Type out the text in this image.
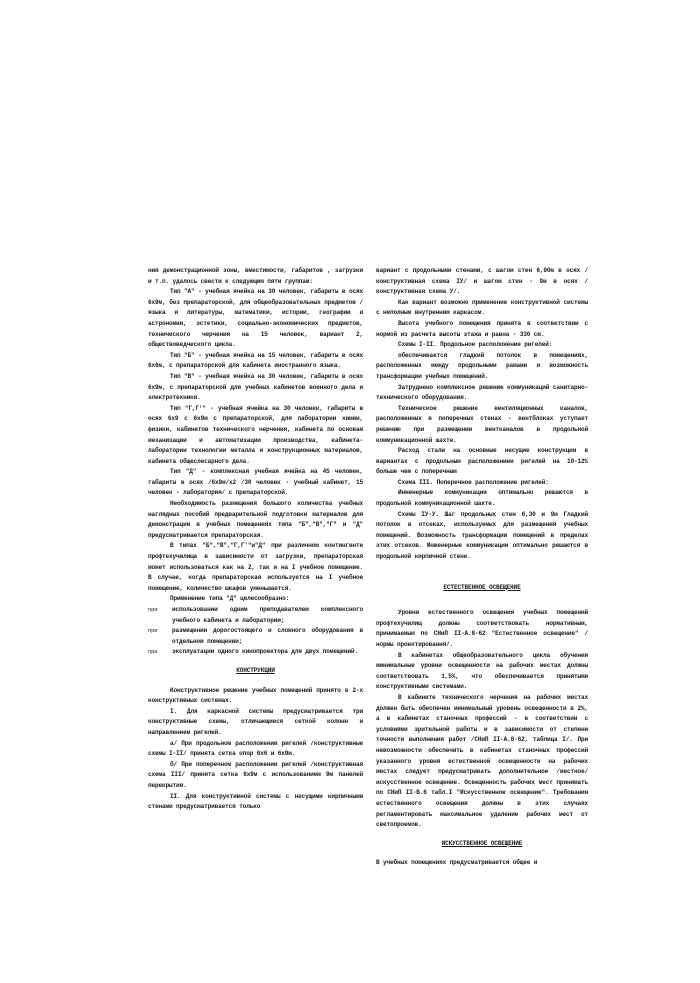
ния демонстрационной зоны, вместимости, габаритов , загрузки и т.п. удалось свести к следующим пяти группам:

Тип "А" - учебная ячейка на 30 человек, габариты в осях 6х9м, без препараторской, для общеобразовательных предметов /языка и литературы, математики, истории, географии и астрономии, эстетики, социально-экономических предметов, технического черчения на 15 человек, вариант 2, обществоведческого цикла.

Тип "Б" - учебная ячейка на 15 человек, габариты в осях 6х6м, с препараторской для кабинета иностранного языка.

Тип "В" - учебная ячейка на 30 человек, габариты в осях 6х9м, с препараторской для учебных кабинетов военного дела и электротехники.

Тип "Г,Г'" - учебная ячейка на 30 человек, габариты в осях 6х9 с 6х9м с препараторской, для лаборатории химии, физики, кабинетов технического черчения, кабинета по основам механизации и автоматизации производства, кабинета-лаборатории технологии металла и конструкционных материалов, кабинета общеслесарного дела.

Тип "Д" - комплексная учебная ячейка на 45 человек, габариты в осях /6х9м/х2 /30 человек - учебный кабинет, 15 человек - лаборатория/ с препараторской.

Необходимость размещения большого количества учебных наглядных пособий предварительной подготовки материалов для демонстрации в учебных помещениях типа "Б","В","Г" и "Д" предусматривается препараторская.

В типах "Б","В","Г,Г'"и"Д" при различном контингенте профтехучилища в зависимости от загрузки, препараторская может использоваться как на 2, так и на I учебное помещение. В случае, когда препараторская используется на I учебное помещение, количество шкафов уменьшается.

Применение типа "Д" целесообразно:

при	использовании одним преподавателем комплексного учебного кабинета и лаборатории;
при	размещении дорогостоящего и сложного оборудования в отдельном помещении;
при	эксплуатации одного кинопроектора для двух помещений.
КОНСТРУКЦИИ

Конструктивное решение учебных помещений принято в 2-х конструктивных системах.

I. Для каркасной системы предусматривается три конструктивные схемы, отличающиеся сеткой колонн и направлением ригелей.

а/ При продольном расположении ригелей /конструктивные схемы I-II/ принята сетка опор 6х6 и 6х9м.

б/ При поперечном расположении ригелей /конструктивная схема III/ принята сетка 6х9м с использованием 9м панелей перекрытия.

II. Для конструктивной системы с несущими кирпичными стенами предусматривается только

вариант с продольными стенами, с шагом стен 6,90м в осях /конструктивная схема IУ/ и шагом стен - 9м в осях /конструктивная схема У/.

Как вариант возможно применение конструктивной системы с неполным внутренним каркасом.

Высота учебного помещения принята в соответствии с нормой из расчета высоты этажа и равна - 330 см.

Схемы I-II. Продольное расположение ригелей:

обеспечивается гладкий потолок в помещениях, расположенных между продольными рамами и возможность трансформации учебных помещений.

Затруднено комплексное решение коммуникаций санитарно-технического оборудования.

Техническое решение вентиляционных каналов, расположенных в поперечных стенах - вентблоках уступает решению при размещении вентканалов в продольной коммуникационной шахте.

Расход стали на основные несущие конструкции в вариантах с продольным расположением ригелей на 10-12% больше чем с поперечным

Схема III. Поперечное расположение ригелей:

Инженерные коммуникации оптимально решаются в продольной коммуникационной шахте.

Схемы IУ-У. Шаг продольных стен 6,30 и 9м Гладкий потолок в отсеках, используемых для размещения учебных помещений. Возможность трансформации помещений в пределах этих отсеков. Инженерные коммуникации оптимально решаются в продольной кирпичной стене.

ЕСТЕСТВЕННОЕ ОСВЕЩЕНИЕ

Уровни естественного освещения учебных помещений профтехучилищ должны соответствовать нормативным, принимаемым по СНиП II-А.8-62 "Естественное освещение" /нормы проектирования/.

В кабинетах общеобразовательного цикла обучения минимальные уровни освещенности на рабочих местах должны соответствовать 1,5%, что обеспечивается принятыми конструктивными системами.

В кабинете технического черчения на рабочих местах должен быть обеспечен минимальный уровень освещенности в 2%, а в кабинетах станочных профессий - в соответствии с условиями зрительной работы и в зависимости от степени точности выполнения работ /СНиП II-А.8-62, таблица I/. При невозможности обеспечить в кабинетах станочных профессий указанного уровня естественной освещенности на рабочих местах следует предусматривать дополнительное /местное/ искусственное освещение. Освещенность рабочих мест принимать по СНиП II-В.6 табл.I "Искусственное освещение". Требования естественного освещения должны в этих случаях регламентировать максимальное удаление рабочих мест от светопроемов.

ИСКУССТВЕННОЕ ОСВЕЩЕНИЕ

В учебных помещениях предусматривается общее и
